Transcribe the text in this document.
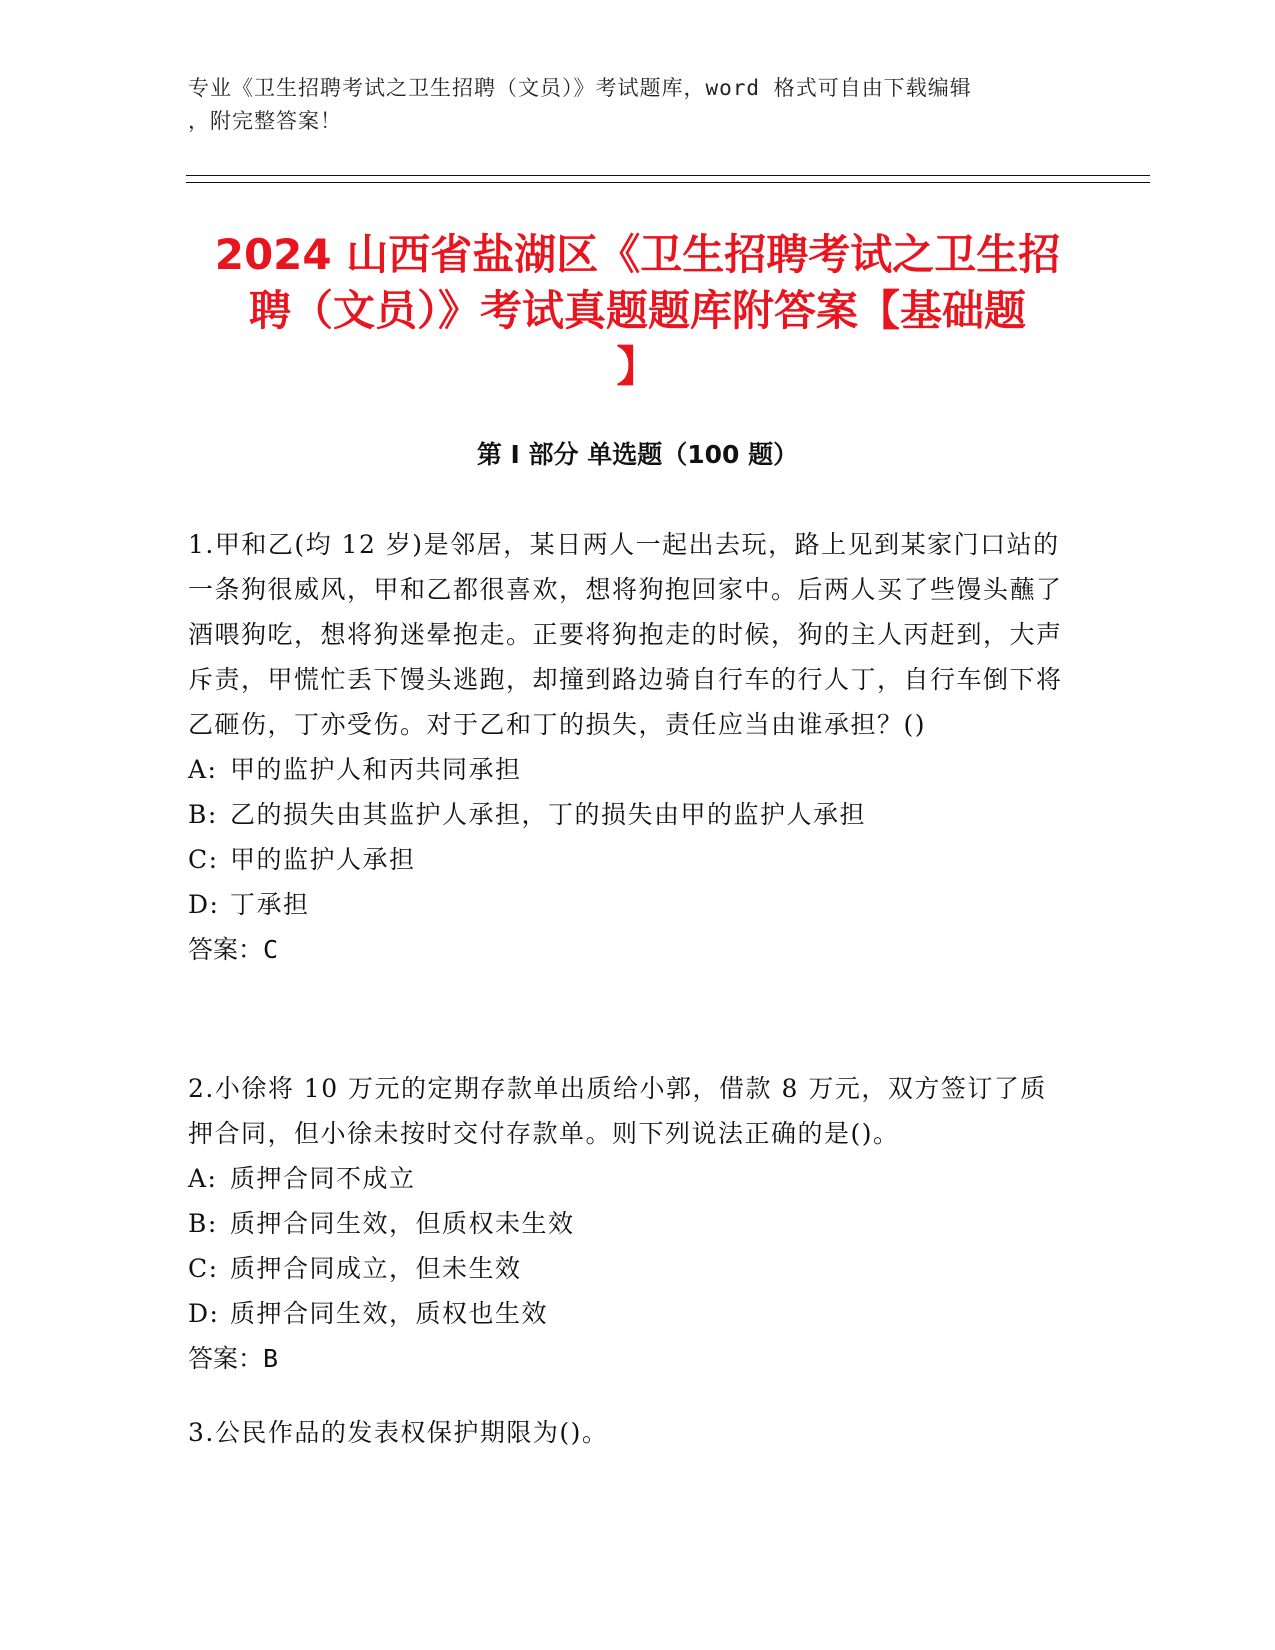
专业《卫生招聘考试之卫生招聘（文员）》考试题库，word 格式可自由下载编辑
，附完整答案！
2024 山西省盐湖区《卫生招聘考试之卫生招
聘（文员）》考试真题题库附答案【基础题
】
第 I 部分 单选题（100 题）

1.甲和乙(均 12 岁)是邻居，某日两人一起出去玩，路上见到某家门口站的一条狗很威风，甲和乙都很喜欢，想将狗抱回家中。后两人买了些馒头蘸了酒喂狗吃，想将狗迷晕抱走。正要将狗抱走的时候，狗的主人丙赶到，大声斥责，甲慌忙丢下馒头逃跑，却撞到路边骑自行车的行人丁，自行车倒下将乙砸伤，丁亦受伤。对于乙和丁的损失，责任应当由谁承担？()

A: 甲的监护人和丙共同承担
B: 乙的损失由其监护人承担，丁的损失由甲的监护人承担
C: 甲的监护人承担
D: 丁承担
答案：C

2.小徐将 10 万元的定期存款单出质给小郭，借款 8 万元，双方签订了质押合同，但小徐未按时交付存款单。则下列说法正确的是()。

A: 质押合同不成立
B: 质押合同生效，但质权未生效
C: 质押合同成立，但未生效
D: 质押合同生效，质权也生效
答案：B

3.公民作品的发表权保护期限为()。
